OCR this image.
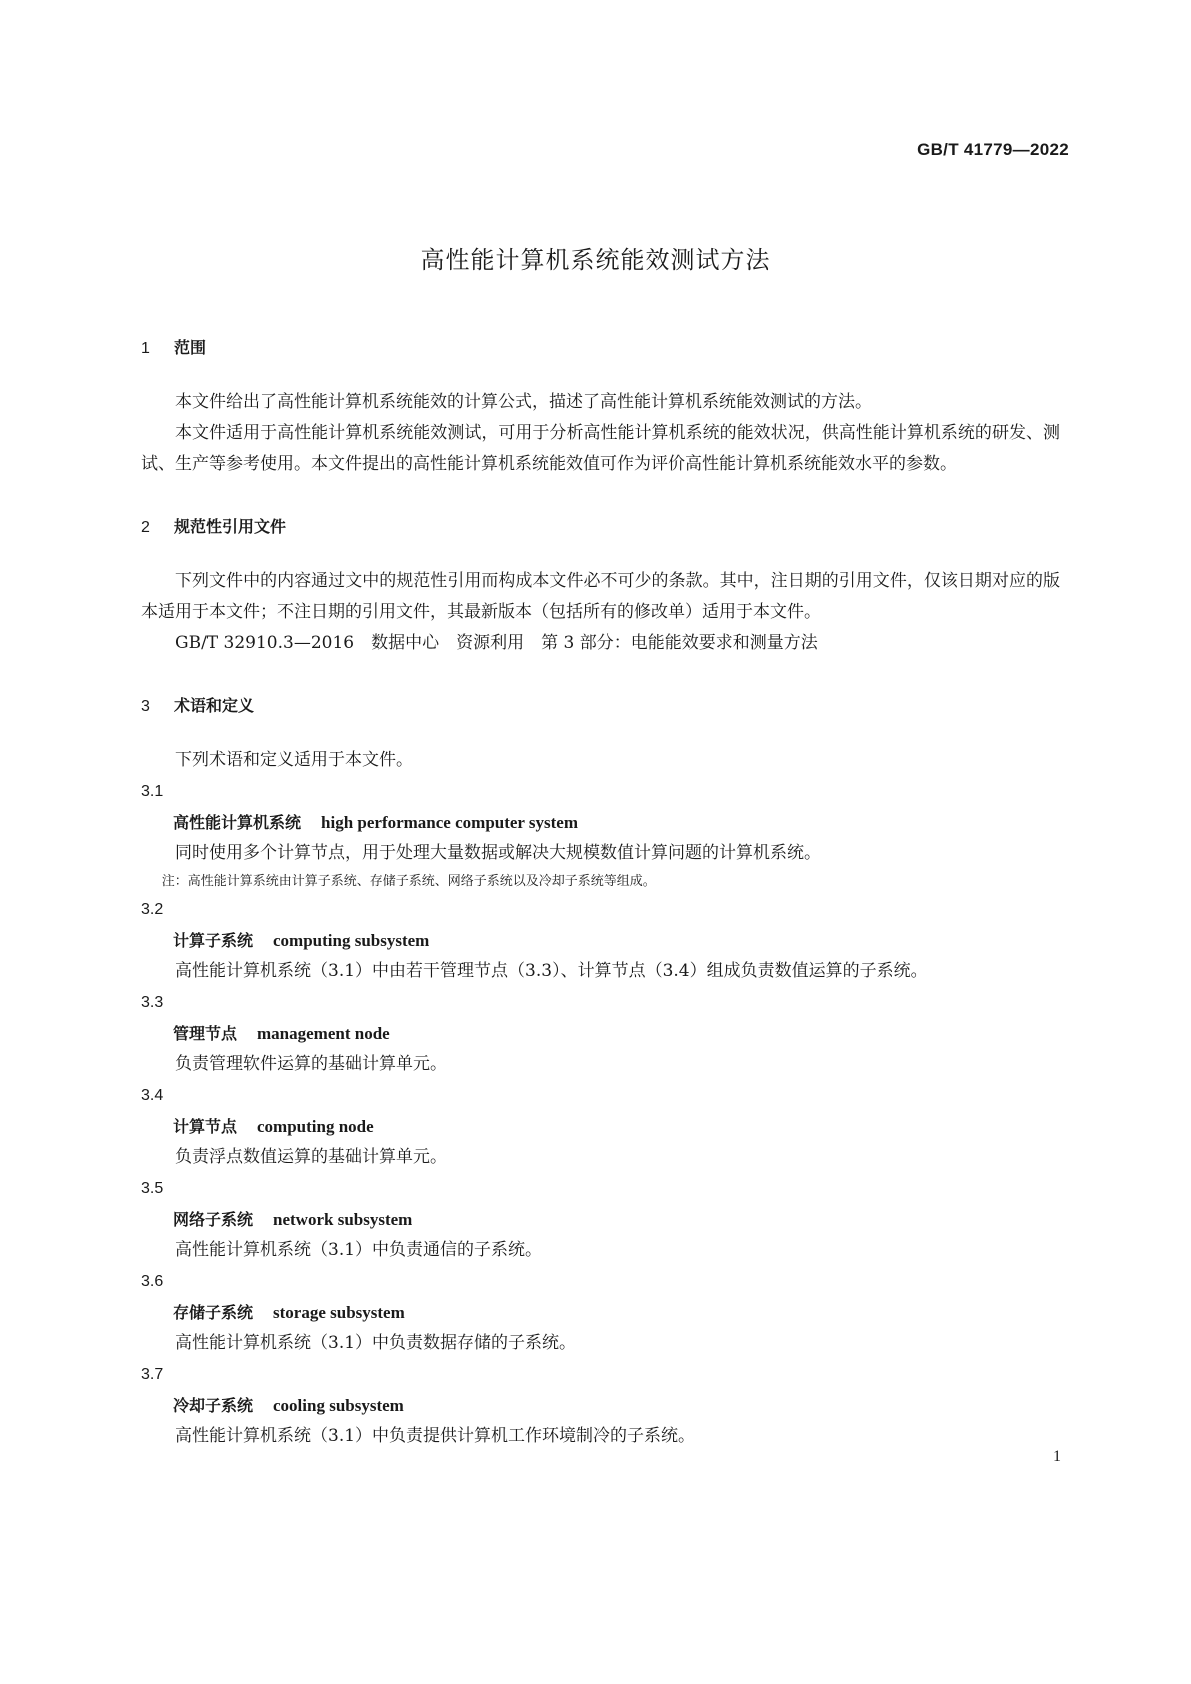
GB/T 41779—2022
高性能计算机系统能效测试方法
1 范围

本文件给出了高性能计算机系统能效的计算公式，描述了高性能计算机系统能效测试的方法。

本文件适用于高性能计算机系统能效测试，可用于分析高性能计算机系统的能效状况，供高性能计算机系统的研发、测试、生产等参考使用。本文件提出的高性能计算机系统能效值可作为评价高性能计算机系统能效水平的参数。

2 规范性引用文件

下列文件中的内容通过文中的规范性引用而构成本文件必不可少的条款。其中，注日期的引用文件，仅该日期对应的版本适用于本文件；不注日期的引用文件，其最新版本（包括所有的修改单）适用于本文件。

GB/T 32910.3—2016　数据中心　资源利用　第 3 部分：电能能效要求和测量方法

3 术语和定义

下列术语和定义适用于本文件。

3.1
高性能计算机系统 high performance computer system
同时使用多个计算节点，用于处理大量数据或解决大规模数值计算问题的计算机系统。
注：高性能计算系统由计算子系统、存储子系统、网络子系统以及冷却子系统等组成。
3.2
计算子系统 computing subsystem
高性能计算机系统（3.1）中由若干管理节点（3.3）、计算节点（3.4）组成负责数值运算的子系统。
3.3
管理节点 management node
负责管理软件运算的基础计算单元。
3.4
计算节点 computing node
负责浮点数值运算的基础计算单元。
3.5
网络子系统 network subsystem
高性能计算机系统（3.1）中负责通信的子系统。
3.6
存储子系统 storage subsystem
高性能计算机系统（3.1）中负责数据存储的子系统。
3.7
冷却子系统 cooling subsystem
高性能计算机系统（3.1）中负责提供计算机工作环境制冷的子系统。
1
